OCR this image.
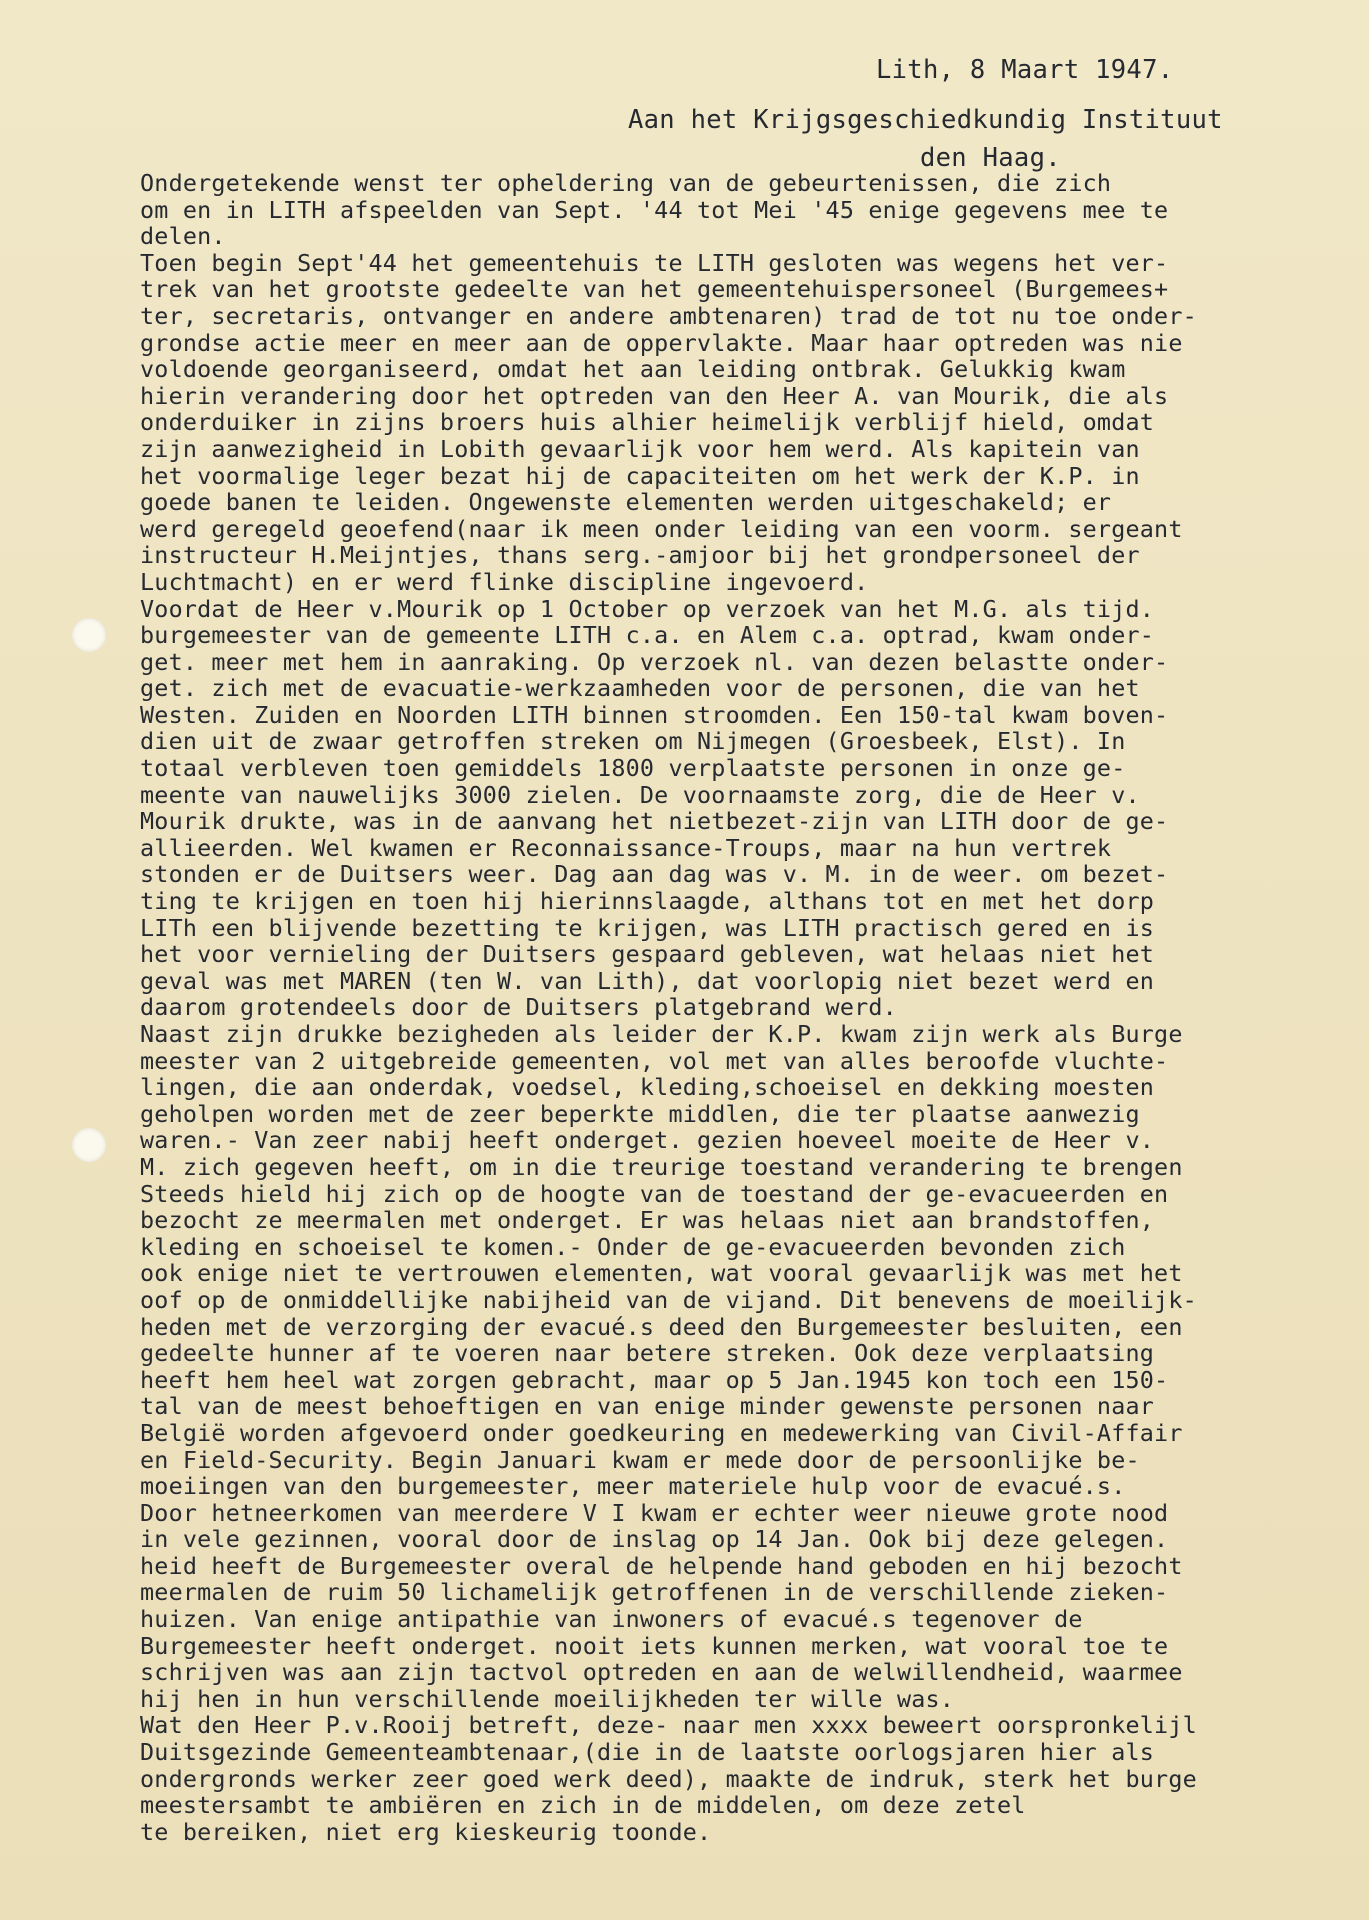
Lith, 8 Maart 1947.
Aan het Krijgsgeschiedkundig Instituut
den Haag.
Ondergetekende wenst ter opheldering van de gebeurtenissen, die zich
om en in LITH afspeelden van Sept. '44 tot Mei '45 enige gegevens mee te
delen.
Toen begin Sept'44 het gemeentehuis te LITH gesloten was wegens het ver-
trek van het grootste gedeelte van het gemeentehuispersoneel (Burgemees+
ter, secretaris, ontvanger en andere ambtenaren) trad de tot nu toe onder-
grondse actie meer en meer aan de oppervlakte. Maar haar optreden was nie
voldoende georganiseerd, omdat het aan leiding ontbrak. Gelukkig kwam
hierin verandering door het optreden van den Heer A. van Mourik, die als
onderduiker in zijns broers huis alhier heimelijk verblijf hield, omdat
zijn aanwezigheid in Lobith gevaarlijk voor hem werd. Als kapitein van
het voormalige leger bezat hij de capaciteiten om het werk der K.P. in
goede banen te leiden. Ongewenste elementen werden uitgeschakeld; er
werd geregeld geoefend(naar ik meen onder leiding van een voorm. sergeant
instructeur H.Meijntjes, thans serg.-amjoor bij het grondpersoneel der
Luchtmacht) en er werd flinke discipline ingevoerd.
Voordat de Heer v.Mourik op 1 October op verzoek van het M.G. als tijd.
burgemeester van de gemeente LITH c.a. en Alem c.a. optrad, kwam onder-
get. meer met hem in aanraking. Op verzoek nl. van dezen belastte onder-
get. zich met de evacuatie-werkzaamheden voor de personen, die van het
Westen. Zuiden en Noorden LITH binnen stroomden. Een 150-tal kwam boven-
dien uit de zwaar getroffen streken om Nijmegen (Groesbeek, Elst). In
totaal verbleven toen gemiddels 1800 verplaatste personen in onze ge-
meente van nauwelijks 3000 zielen. De voornaamste zorg, die de Heer v.
Mourik drukte, was in de aanvang het nietbezet-zijn van LITH door de ge-
allieerden. Wel kwamen er Reconnaissance-Troups, maar na hun vertrek
stonden er de Duitsers weer. Dag aan dag was v. M. in de weer. om bezet-
ting te krijgen en toen hij hierinnslaagde, althans tot en met het dorp
LITh een blijvende bezetting te krijgen, was LITH practisch gered en is
het voor vernieling der Duitsers gespaard gebleven, wat helaas niet het
geval was met MAREN (ten W. van Lith), dat voorlopig niet bezet werd en
daarom grotendeels door de Duitsers platgebrand werd.
Naast zijn drukke bezigheden als leider der K.P. kwam zijn werk als Burge
meester van 2 uitgebreide gemeenten, vol met van alles beroofde vluchte-
lingen, die aan onderdak, voedsel, kleding,schoeisel en dekking moesten
geholpen worden met de zeer beperkte middlen, die ter plaatse aanwezig
waren.- Van zeer nabij heeft onderget. gezien hoeveel moeite de Heer v.
M. zich gegeven heeft, om in die treurige toestand verandering te brengen
Steeds hield hij zich op de hoogte van de toestand der ge-evacueerden en
bezocht ze meermalen met onderget. Er was helaas niet aan brandstoffen,
kleding en schoeisel te komen.- Onder de ge-evacueerden bevonden zich
ook enige niet te vertrouwen elementen, wat vooral gevaarlijk was met het
oof op de onmiddellijke nabijheid van de vijand. Dit benevens de moeilijk-
heden met de verzorging der evacué.s deed den Burgemeester besluiten, een
gedeelte hunner af te voeren naar betere streken. Ook deze verplaatsing
heeft hem heel wat zorgen gebracht, maar op 5 Jan.1945 kon toch een 150-
tal van de meest behoeftigen en van enige minder gewenste personen naar
België worden afgevoerd onder goedkeuring en medewerking van Civil-Affair
en Field-Security. Begin Januari kwam er mede door de persoonlijke be-
moeiingen van den burgemeester, meer materiele hulp voor de evacué.s.
Door hetneerkomen van meerdere V I kwam er echter weer nieuwe grote nood
in vele gezinnen, vooral door de inslag op 14 Jan. Ook bij deze gelegen.
heid heeft de Burgemeester overal de helpende hand geboden en hij bezocht
meermalen de ruim 50 lichamelijk getroffenen in de verschillende zieken-
huizen. Van enige antipathie van inwoners of evacué.s tegenover de
Burgemeester heeft onderget. nooit iets kunnen merken, wat vooral toe te
schrijven was aan zijn tactvol optreden en aan de welwillendheid, waarmee
hij hen in hun verschillende moeilijkheden ter wille was.
Wat den Heer P.v.Rooij betreft, deze- naar men xxxx beweert oorspronkelijl
Duitsgezinde Gemeenteambtenaar,(die in de laatste oorlogsjaren hier als
ondergronds werker zeer goed werk deed), maakte de indruk, sterk het burge
meestersambt te ambiëren en zich in de middelen, om deze zetel
te bereiken, niet erg kieskeurig toonde.
